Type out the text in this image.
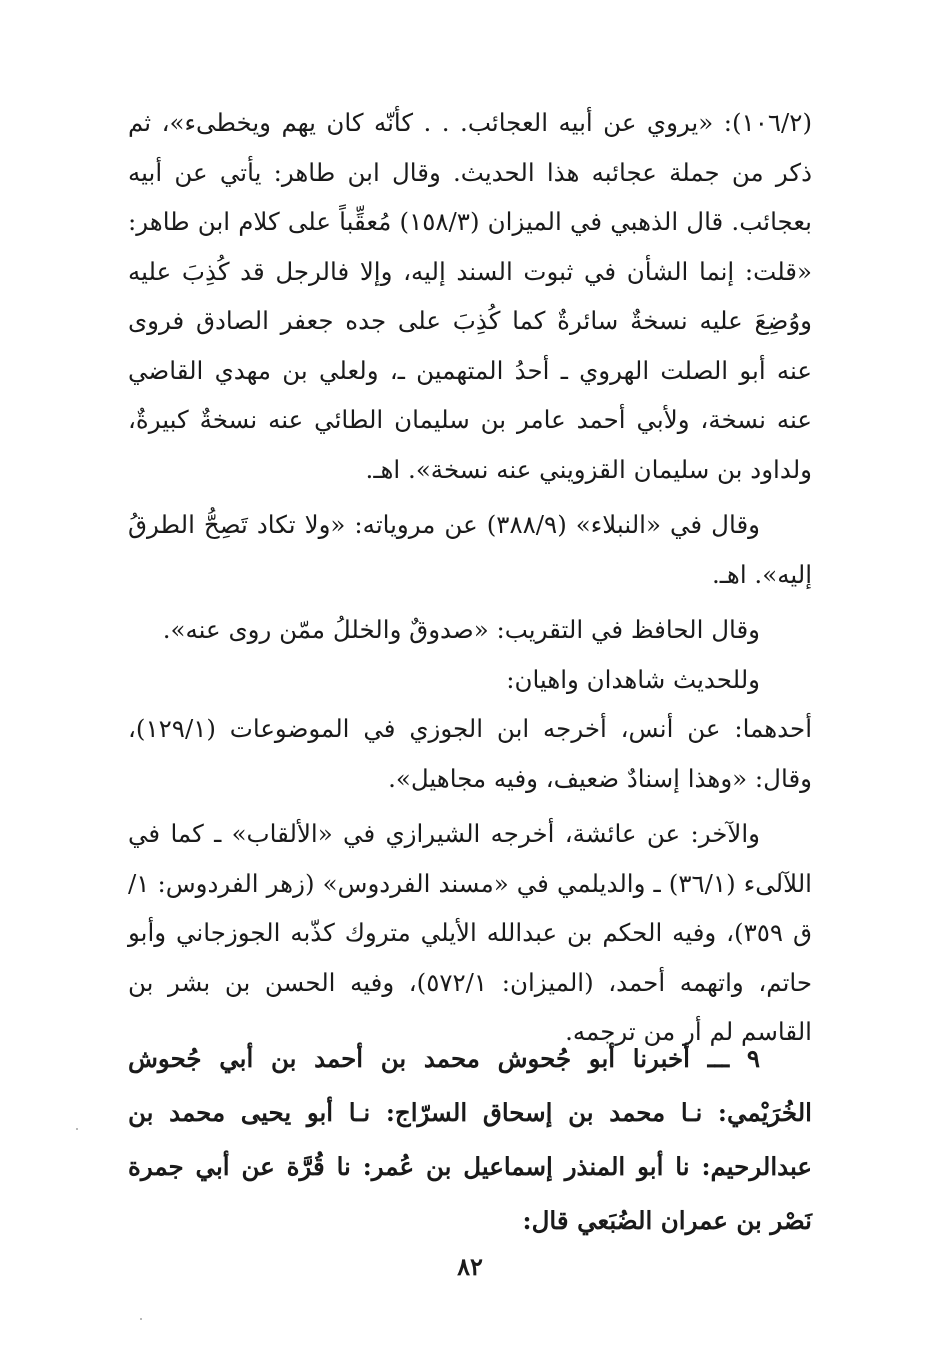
(١٠٦/٢): «يروي عن أبيه العجائب. . . كأنّه كان يهم ويخطىء»، ثم ذكر من جملة عجائبه هذا الحديث. وقال ابن طاهر: يأتي عن أبيه بعجائب. قال الذهبي في الميزان (١٥٨/٣) مُعقِّباً على كلام ابن طاهر: «قلت: إنما الشأن في ثبوت السند إليه، وإلا فالرجل قد كُذِبَ عليه ووُضِعَ عليه نسخةٌ سائرةٌ كما كُذِبَ على جده جعفر الصادق فروى عنه أبو الصلت الهروي ـ أحدُ المتهمين ـ، ولعلي بن مهدي القاضي عنه نسخة، ولأبي أحمد عامر بن سليمان الطائي عنه نسخةٌ كبيرةٌ، ولداود بن سليمان القزويني عنه نسخة». اهـ.

وقال في «النبلاء» (٣٨٨/٩) عن مروياته: «ولا تكاد تَصِحُّ الطرقُ إليه». اهـ.

وقال الحافظ في التقريب: «صدوقٌ والخللُ ممّن روى عنه».

وللحديث شاهدان واهيان:

أحدهما: عن أنس، أخرجه ابن الجوزي في الموضوعات (١٢٩/١)، وقال: «وهذا إسنادٌ ضعيف، وفيه مجاهيل».

والآخر: عن عائشة، أخرجه الشيرازي في «الألقاب» ـ كما في اللآلىء (٣٦/١) ـ والديلمي في «مسند الفردوس» (زهر الفردوس: ١/ق ٣٥٩)، وفيه الحكم بن عبدالله الأيلي متروك كذّبه الجوزجاني وأبو حاتم، واتهمه أحمد، (الميزان: ٥٧٢/١)، وفيه الحسن بن بشر بن القاسم لم أر من ترجمه.

٩ ـــ أخبرنا أبو جُحوش محمد بن أحمد بن أبي جُحوش الخُرَيْمي: نـا محمد بن إسحاق السرّاج: نـا أبو يحيى محمد بن عبدالرحيم: نا أبو المنذر إسماعيل بن عُمر: نا قُرَّة عن أبي جمرة نَصْر بن عمران الضُبَعي قال:

٨٢
